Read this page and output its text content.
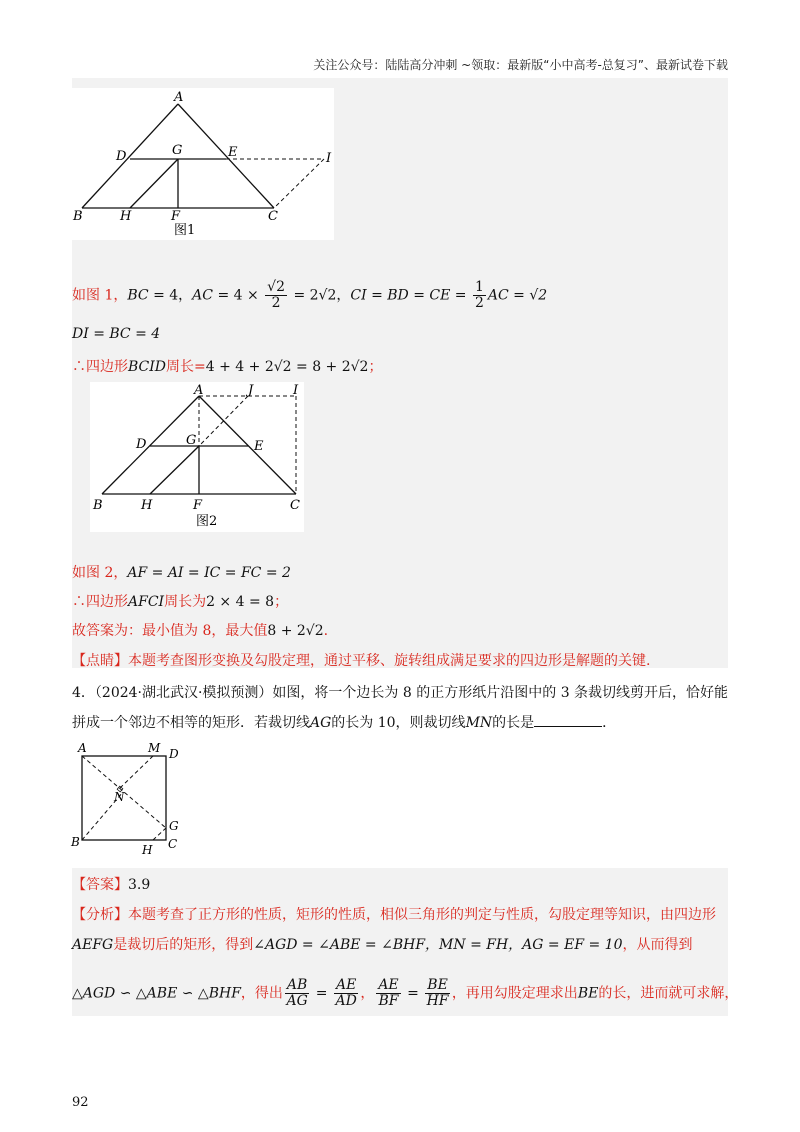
关注公众号：陆陆高分冲刺 ~领取：最新版“小中高考-总复习”、最新试卷下载
A
D	G	E	I
B	H	F	C
图1
如图 1，BC = 4，AC = $4 \times \frac{√2}{2} = 2√2$，CI = BD = CE = $\frac{1}{2}$ AC = √2
DI = BC = 4
∴四边形BCID周长=4 + 4 + 2√2 = 8 + 2√2；
A	J	I
D	G	E
B	H	F	C
图2
如图 2，AF = AI = IC = FC = 2
∴四边形AFCI周长为2 × 4 = 8；
故答案为：最小值为 8，最大值8 + 2√2.
【点睛】本题考查图形变换及勾股定理，通过平移、旋转组成满足要求的四边形是解题的关键.
4．（2024·湖北武汉·模拟预测）如图，将一个边长为 8 的正方形纸片沿图中的 3 条裁切线剪开后，恰好能
拼成一个邻边不相等的矩形．若裁切线AG的长为 10，则裁切线MN的长是	．
A	M D
N
G
B
H C
【答案】3.9
【分析】本题考查了正方形的性质，矩形的性质，相似三角形的判定与性质，勾股定理等知识，由四边形
AEFG是裁切后的矩形，得到∠AGD = ∠ABE = ∠BHF，MN = FH，AG = EF = 10，从而得到
△AGD ∽ △ABE ∽ △BHF，得出 $\frac{AB}{AG} = \frac{AE}{AD}$ ， $\frac{AE}{BF} = \frac{BE}{HF}$ ，再用勾股定理求出BE的长，进而就可求解，
92
